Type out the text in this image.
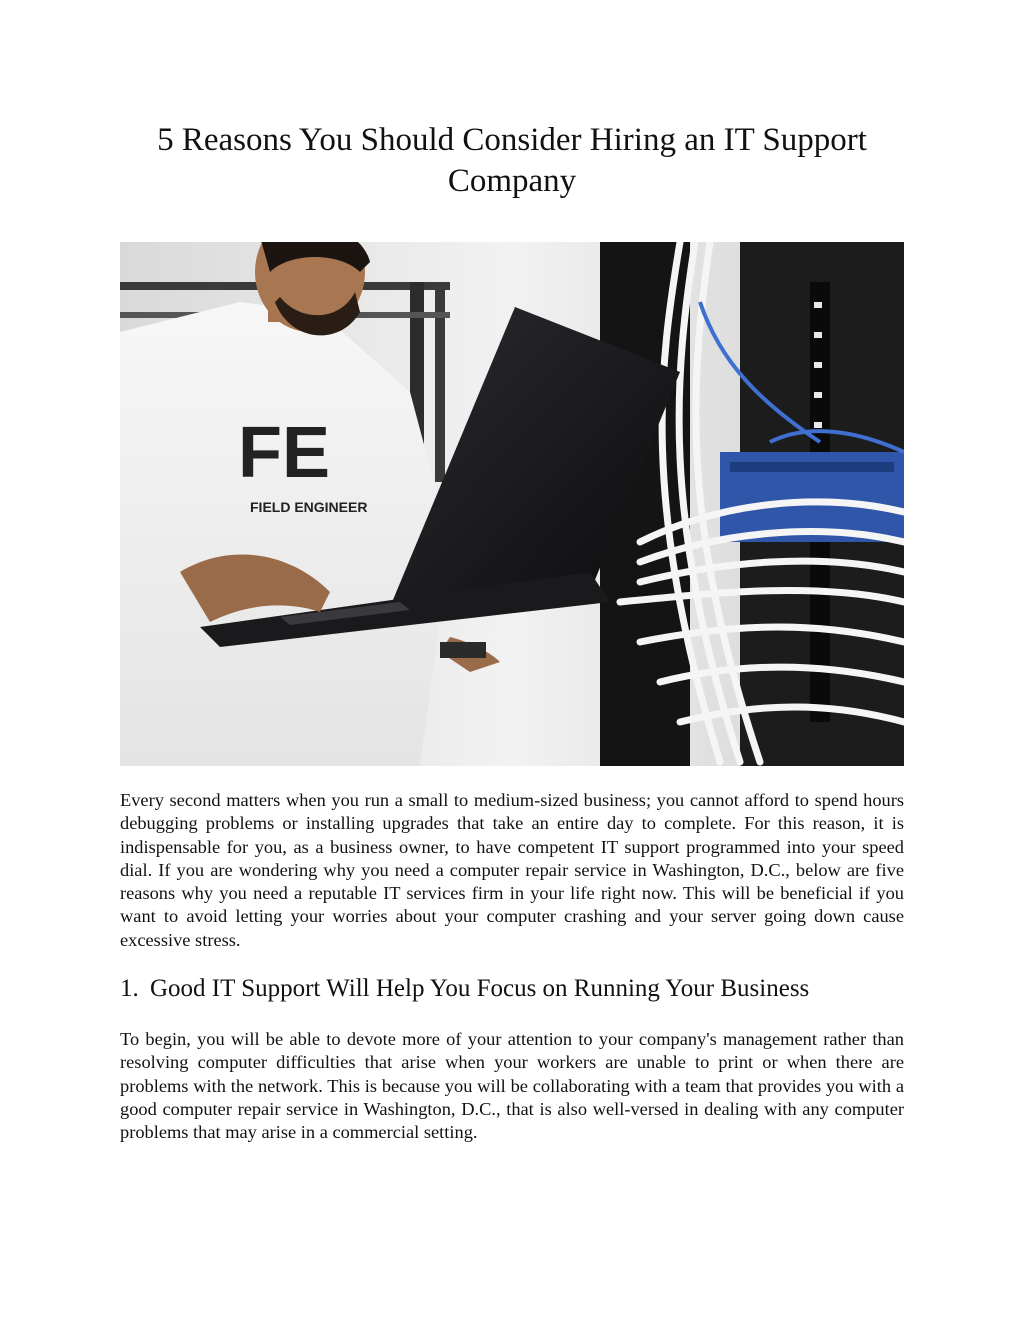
5 Reasons You Should Consider Hiring an IT Support Company
FE
FIELD ENGINEER

Every second matters when you run a small to medium-sized business; you cannot afford to spend hours debugging problems or installing upgrades that take an entire day to complete. For this reason, it is indispensable for you, as a business owner, to have competent IT support programmed into your speed dial. If you are wondering why you need a computer repair service in Washington, D.C., below are five reasons why you need a reputable IT services firm in your life right now. This will be beneficial if you want to avoid letting your worries about your computer crashing and your server going down cause excessive stress.

1. Good IT Support Will Help You Focus on Running Your Business

To begin, you will be able to devote more of your attention to your company's management rather than resolving computer difficulties that arise when your workers are unable to print or when there are problems with the network. This is because you will be collaborating with a team that provides you with a good computer repair service in Washington, D.C., that is also well-versed in dealing with any computer problems that may arise in a commercial setting.
